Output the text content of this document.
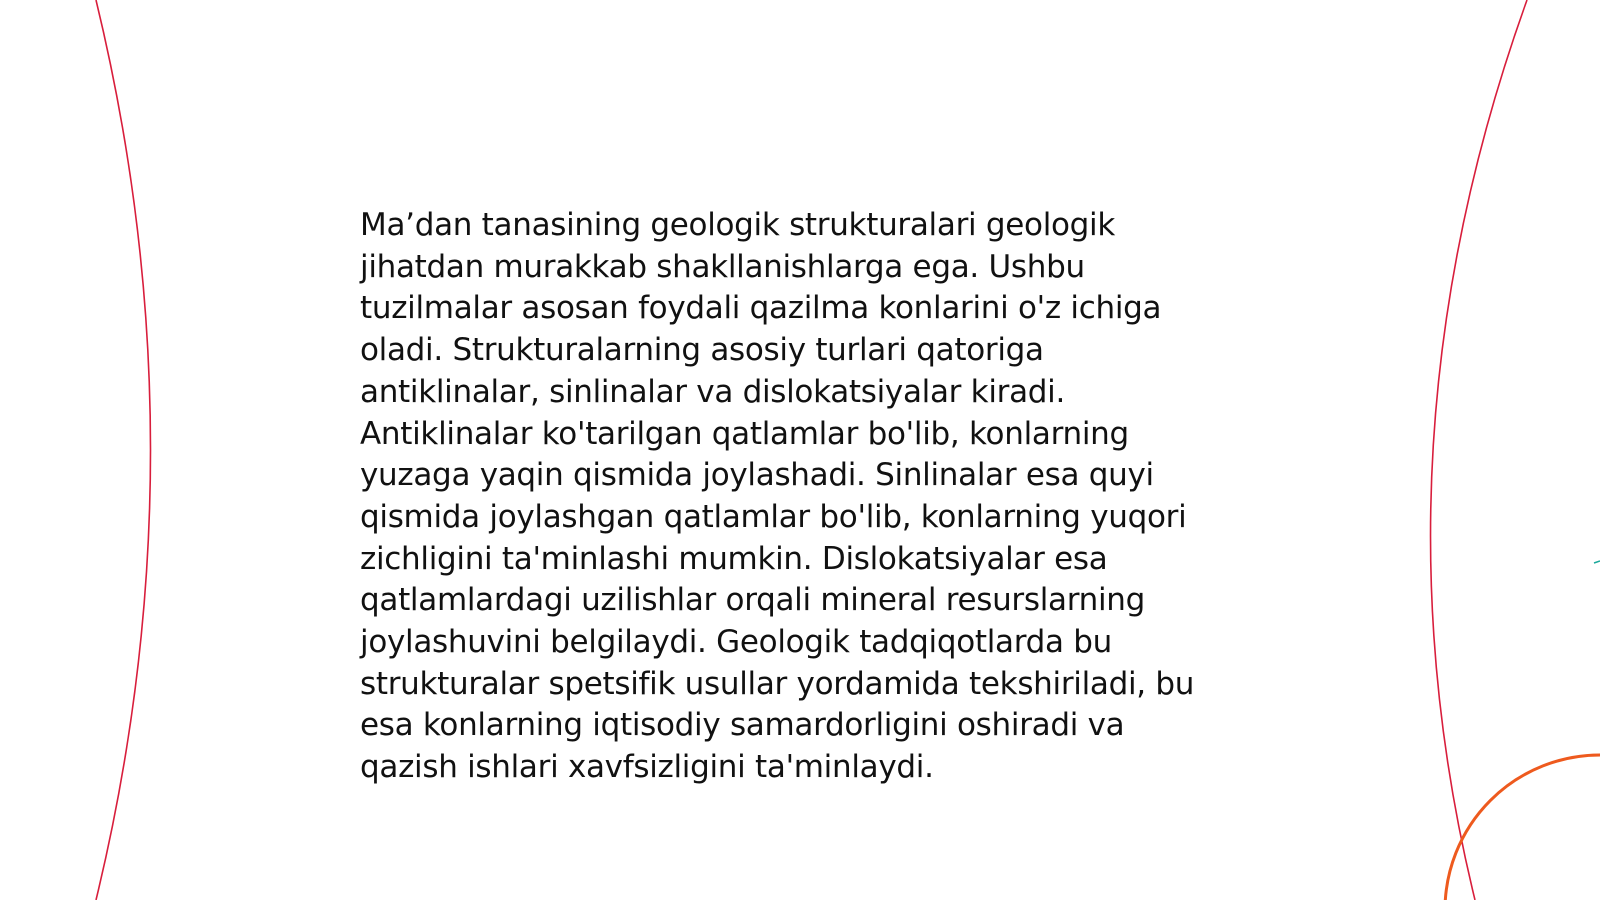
Ma’dan tanasining geologik strukturalari geologik jihatdan murakkab shakllanishlarga ega. Ushbu tuzilmalar asosan foydali qazilma konlarini o'z ichiga oladi. Strukturalarning asosiy turlari qatoriga antiklinalar, sinlinalar va dislokatsiyalar kiradi. Antiklinalar ko'tarilgan qatlamlar bo'lib, konlarning yuzaga yaqin qismida joylashadi. Sinlinalar esa quyi qismida joylashgan qatlamlar bo'lib, konlarning yuqori zichligini ta'minlashi mumkin. Dislokatsiyalar esa qatlamlardagi uzilishlar orqali mineral resurslarning joylashuvini belgilaydi. Geologik tadqiqotlarda bu strukturalar spetsifik usullar yordamida tekshiriladi, bu esa konlarning iqtisodiy samardorligini oshiradi va qazish ishlari xavfsizligini ta'minlaydi.
